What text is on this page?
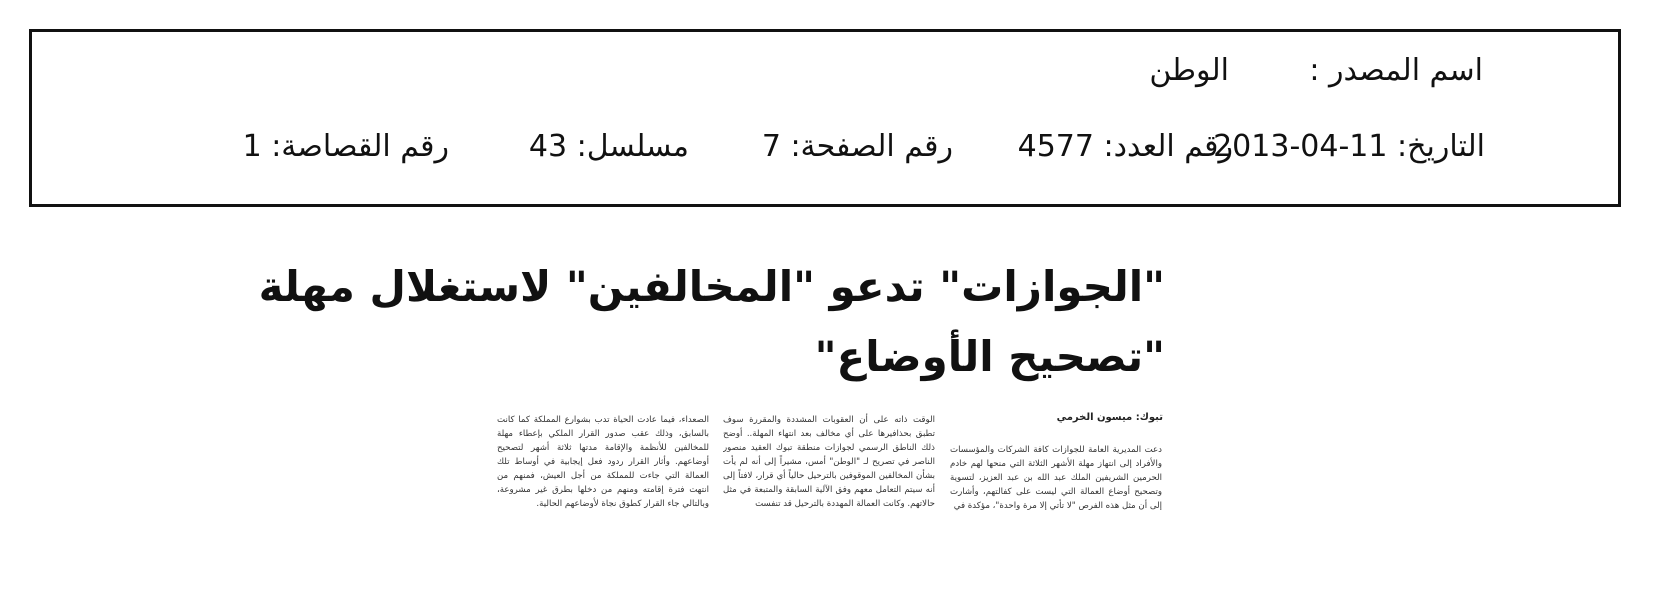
اسم المصدر :
الوطن
التاريخ: 11-04-2013
رقم العدد: 4577
رقم الصفحة: 7
مسلسل: 43
رقم القصاصة: 1
"الجوازات" تدعو "المخالفين" لاستغلال مهلة
"تصحيح الأوضاع"
تبوك: ميسون الخرمي
دعت المديرية العامة للجوازات كافة الشركات والمؤسسات والأفراد إلى انتهاز مهلة الأشهر الثلاثة التي منحها لهم خادم الحرمين الشريفين الملك عبد الله بن عبد العزيز، لتسوية وتصحيح أوضاع العمالة التي ليست على كفالتهم، وأشارت إلى أن مثل هذه الفرص "لا تأتي إلا مرة واحدة"، مؤكدة في
الوقت ذاته على أن العقوبات المشددة والمقررة سوف تطبق بحذافيرها على أي مخالف بعد انتهاء المهلة.. أوضح ذلك الناطق الرسمي لجوازات منطقة تبوك العقيد منصور الناصر في تصريح لـ "الوطن" أمس، مشيراً إلى أنه لم يأت بشأن المخالفين الموقوفين بالترحيل حالياً أي قرار، لافتاً إلى أنه سيتم التعامل معهم وفق الآلية السابقة والمتبعة في مثل حالاتهم. وكانت العمالة المهددة بالترحيل قد تنفست
الصعداء، فيما عادت الحياة تدب بشوارع المملكة كما كانت بالسابق، وذلك عقب صدور القرار الملكي بإعطاء مهلة للمخالفين للأنظمة والإقامة مدتها ثلاثة أشهر لتصحيح أوضاعهم. وأثار القرار ردود فعل إيجابية في أوساط تلك العمالة التي جاءت للمملكة من أجل العيش، فمنهم من انتهت فترة إقامته ومنهم من دخلها بطرق غير مشروعة، وبالتالي جاء القرار كطوق نجاة لأوضاعهم الحالية.
